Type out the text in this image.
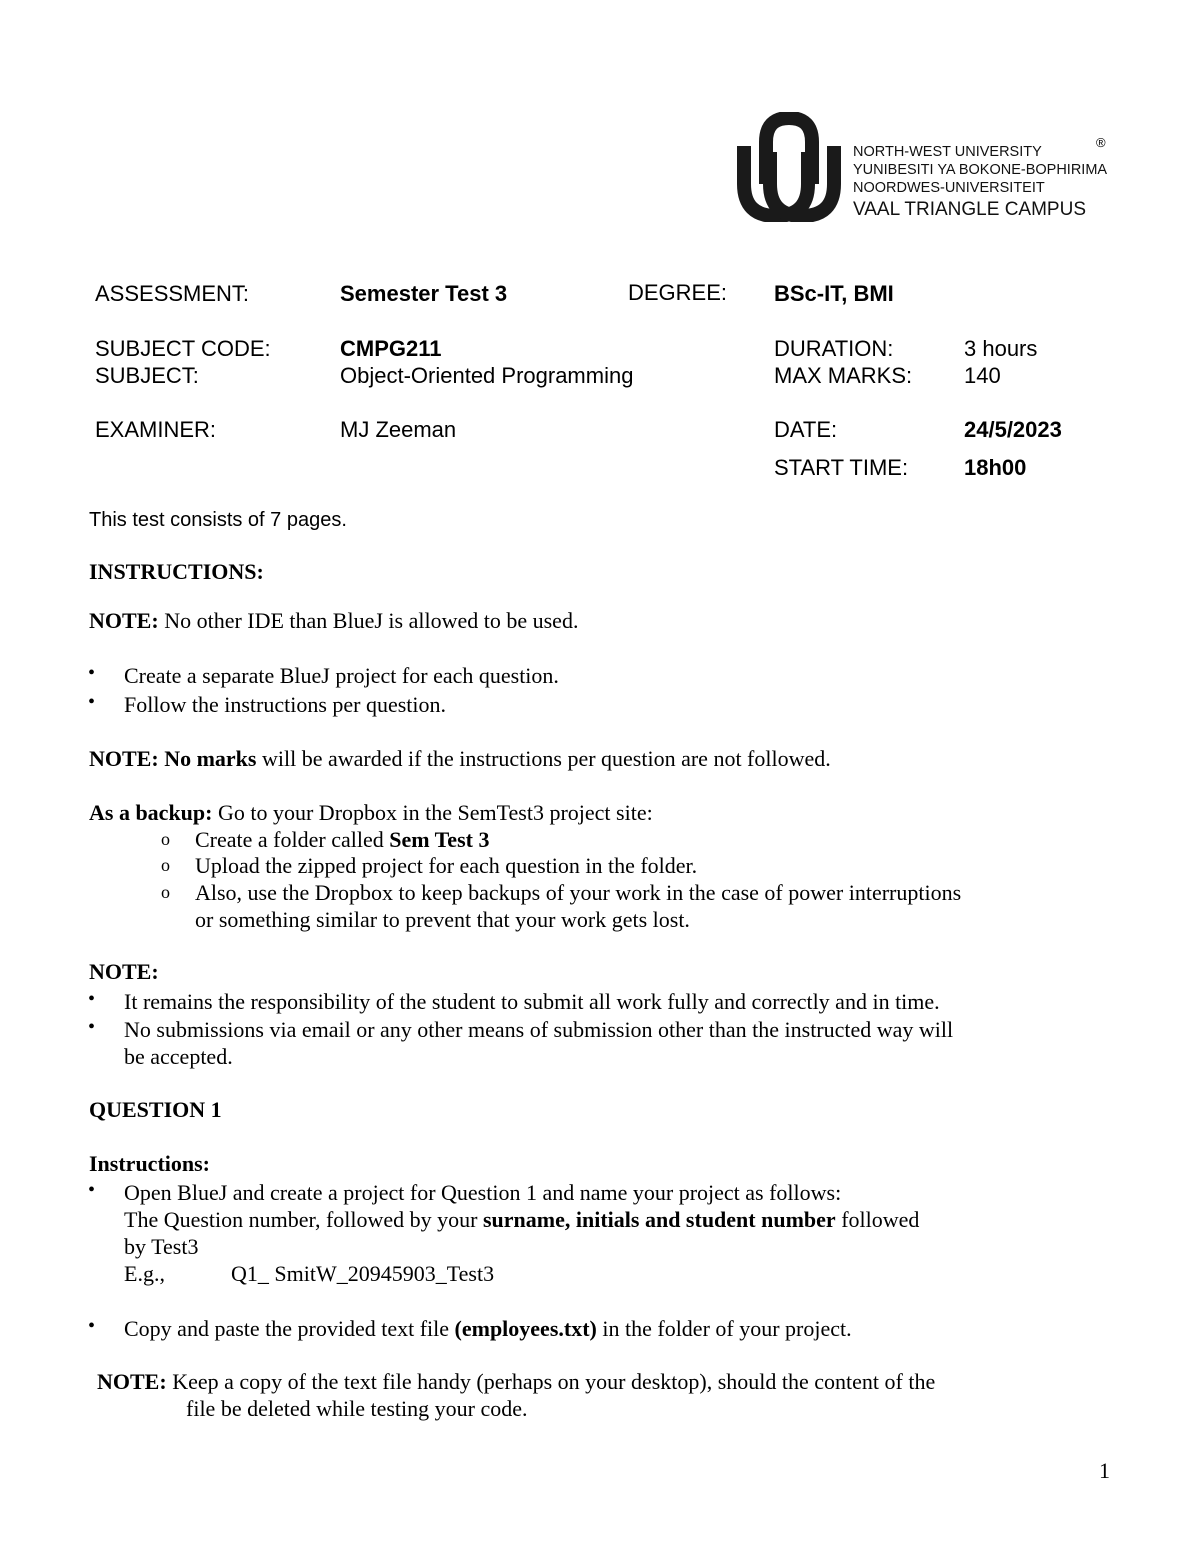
NORTH-WEST UNIVERSITY
YUNIBESITI YA BOKONE-BOPHIRIMA
NOORDWES-UNIVERSITEIT
VAAL TRIANGLE CAMPUS
®
ASSESSMENT:	Semester Test 3	DEGREE: BSc-IT, BMI
SUBJECT CODE:	CMPG211	DURATION:	3 hours
SUBJECT:	Object-Oriented Programming	MAX MARKS: 140
EXAMINER:	MJ Zeeman	DATE:	24/5/2023
START TIME:	18h00
This test consists of 7 pages.
INSTRUCTIONS:
NOTE: No other IDE than BlueJ is allowed to be used.
• Create a separate BlueJ project for each question.
• Follow the instructions per question.
NOTE: No marks will be awarded if the instructions per question are not followed.
As a backup: Go to your Dropbox in the SemTest3 project site:
o Create a folder called Sem Test 3
o Upload the zipped project for each question in the folder.
o Also, use the Dropbox to keep backups of your work in the case of power interruptions
or something similar to prevent that your work gets lost.
NOTE:
• It remains the responsibility of the student to submit all work fully and correctly and in time.
• No submissions via email or any other means of submission other than the instructed way will
be accepted.
QUESTION 1
Instructions:
• Open BlueJ and create a project for Question 1 and name your project as follows:
The Question number, followed by your surname, initials and student number followed
by Test3
E.g.,	Q1_ SmitW_20945903_Test3
• Copy and paste the provided text file (employees.txt) in the folder of your project.
NOTE: Keep a copy of the text file handy (perhaps on your desktop), should the content of the
file be deleted while testing your code.
1
